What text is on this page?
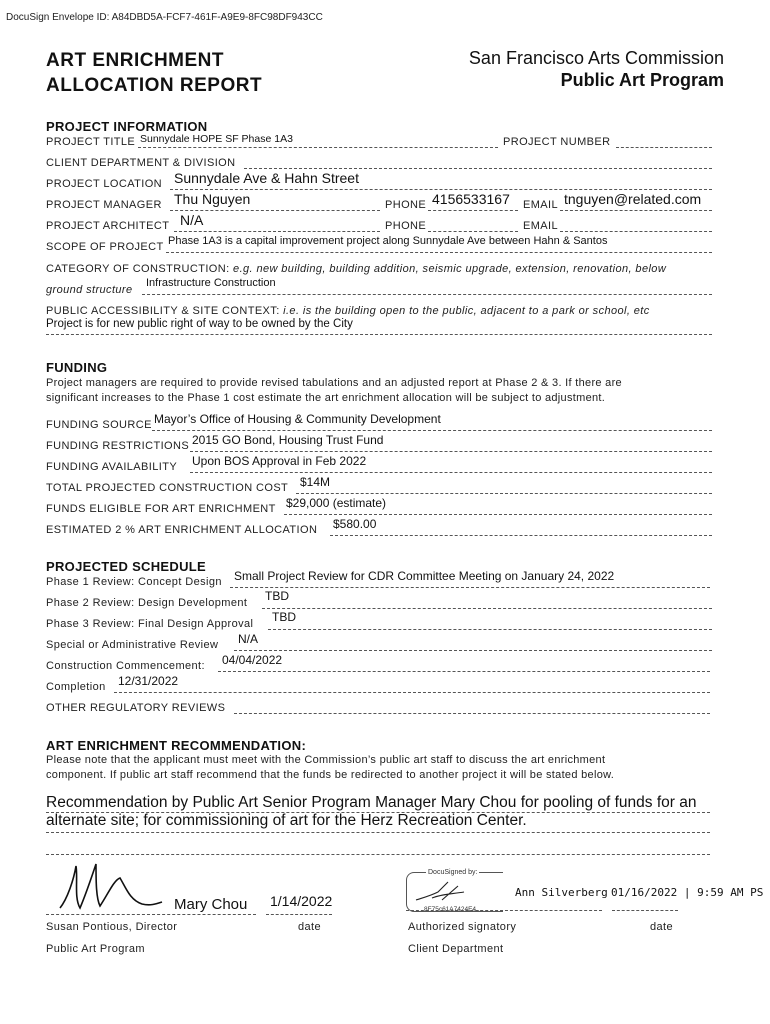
DocuSign Envelope ID: A84DBD5A-FCF7-461F-A9E9-8FC98DF943CC
ART ENRICHMENT
ALLOCATION REPORT
San Francisco Arts Commission
Public Art Program
PROJECT INFORMATION
PROJECT TITLE Sunnydale HOPE SF Phase 1A3	PROJECT NUMBER
CLIENT DEPARTMENT & DIVISION
PROJECT LOCATION Sunnydale Ave & Hahn Street
PROJECT MANAGER Thu Nguyen	PHONE 4156533167 EMAIL tnguyen@related.com
PROJECT ARCHITECT N/A	PHONE	EMAIL
SCOPE OF PROJECT Phase 1A3 is a capital improvement project along Sunnydale Ave between Hahn & Santos
CATEGORY OF CONSTRUCTION: e.g. new building, building addition, seismic upgrade, extension, renovation, below
ground structure
Infrastructure Construction
PUBLIC ACCESSIBILITY & SITE CONTEXT: i.e. is the building open to the public, adjacent to a park or school, etc
Project is for new public right of way to be owned by the City
FUNDING
Project managers are required to provide revised tabulations and an adjusted report at Phase 2 & 3. If there are
significant increases to the Phase 1 cost estimate the art enrichment allocation will be subject to adjustment.
FUNDING SOURCE Mayor’s Office of Housing & Community Development
FUNDING RESTRICTIONS 2015 GO Bond, Housing Trust Fund
FUNDING AVAILABILITY Upon BOS Approval in Feb 2022
TOTAL PROJECTED CONSTRUCTION COST $14M
FUNDS ELIGIBLE FOR ART ENRICHMENT $29,000 (estimate)
ESTIMATED 2 % ART ENRICHMENT ALLOCATION $580.00
PROJECTED SCHEDULE
Phase 1 Review: Concept Design Small Project Review for CDR Committee Meeting on January 24, 2022
Phase 2 Review: Design Development TBD
Phase 3 Review: Final Design Approval TBD
Special or Administrative Review N/A
Construction Commencement: 04/04/2022
Completion 12/31/2022
OTHER REGULATORY REVIEWS
ART ENRICHMENT RECOMMENDATION:
Please note that the applicant must meet with the Commission’s public art staff to discuss the art enrichment
component. If public art staff recommend that the funds be redirected to another project it will be stated below.
Recommendation by Public Art Senior Program Manager Mary Chou for pooling of funds for an
alternate site; for commissioning of art for the Herz Recreation Center.
Mary Chou 1/14/2022
Susan Pontious, Director	date
Public Art Program
DocuSigned by:
8F75c61A7424E4...
Ann Silverberg 01/16/2022 | 9:59 AM PS
Authorized signatory	date
Client Department
